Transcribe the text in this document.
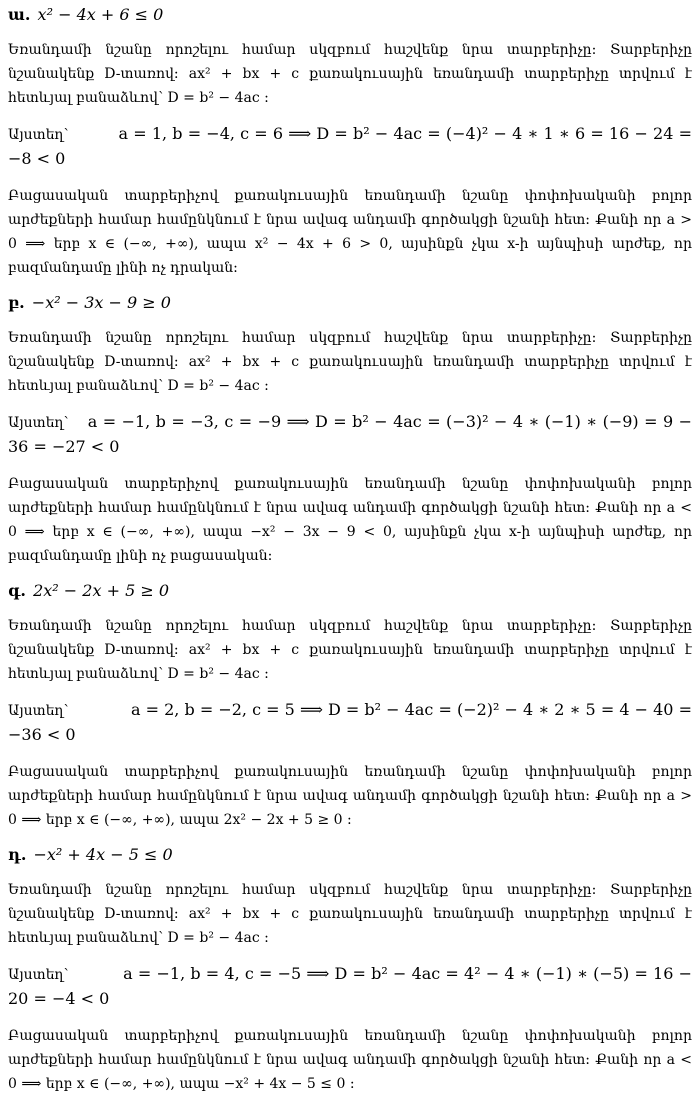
ա. x² − 4x + 6 ≤ 0

Եռանդամի նշանը որոշելու համար սկզբում հաշվենք նրա տարբերիչը: Տարբերիչը նշանակենք D-տառով: ax² + bx + c քառակուսային եռանդամի տարբերիչը տրվում է հետևյալ բանաձևով՝ D = b² − 4ac :

Այստեղ՝	a = 1, b = −4, c = 6 ⟹ D = b² − 4ac = (−4)² − 4 ∗ 1 ∗ 6 = 16 − 24 = −8 < 0

Բացասական տարբերիչով քառակուսային եռանդամի նշանը փոփոխականի բոլոր արժեքների համար համընկնում է նրա ավագ անդամի գործակցի նշանի հետ: Քանի որ a > 0 ⟹ երբ x ∈ (−∞, +∞), ապա x² − 4x + 6 > 0, այսինքն չկա x-ի այնպիսի արժեք, որ բազմանդամը լինի ոչ դրական:

բ. −x² − 3x − 9 ≥ 0

Եռանդամի նշանը որոշելու համար սկզբում հաշվենք նրա տարբերիչը: Տարբերիչը նշանակենք D-տառով: ax² + bx + c քառակուսային եռանդամի տարբերիչը տրվում է հետևյալ բանաձևով՝ D = b² − 4ac :

Այստեղ՝ a = −1, b = −3, c = −9 ⟹ D = b² − 4ac = (−3)² − 4 ∗ (−1) ∗ (−9) = 9 − 36 = −27 < 0

Բացասական տարբերիչով քառակուսային եռանդամի նշանը փոփոխականի բոլոր արժեքների համար համընկնում է նրա ավագ անդամի գործակցի նշանի հետ: Քանի որ a < 0 ⟹ երբ x ∈ (−∞, +∞), ապա −x² − 3x − 9 < 0, այսինքն չկա x-ի այնպիսի արժեք, որ բազմանդամը լինի ոչ բացասական:

գ. 2x² − 2x + 5 ≥ 0

Եռանդամի նշանը որոշելու համար սկզբում հաշվենք նրա տարբերիչը: Տարբերիչը նշանակենք D-տառով: ax² + bx + c քառակուսային եռանդամի տարբերիչը տրվում է հետևյալ բանաձևով՝ D = b² − 4ac :

Այստեղ՝	a = 2, b = −2, c = 5 ⟹ D = b² − 4ac = (−2)² − 4 ∗ 2 ∗ 5 = 4 − 40 = −36 < 0

Բացասական տարբերիչով քառակուսային եռանդամի նշանը փոփոխականի բոլոր արժեքների համար համընկնում է նրա ավագ անդամի գործակցի նշանի հետ: Քանի որ a > 0 ⟹ երբ x ∈ (−∞, +∞), ապա 2x² − 2x + 5 ≥ 0 :

դ. −x² + 4x − 5 ≤ 0

Եռանդամի նշանը որոշելու համար սկզբում հաշվենք նրա տարբերիչը: Տարբերիչը նշանակենք D-տառով: ax² + bx + c քառակուսային եռանդամի տարբերիչը տրվում է հետևյալ բանաձևով՝ D = b² − 4ac :

Այստեղ՝	a = −1, b = 4, c = −5 ⟹ D = b² − 4ac = 4² − 4 ∗ (−1) ∗ (−5) = 16 − 20 = −4 < 0

Բացասական տարբերիչով քառակուսային եռանդամի նշանը փոփոխականի բոլոր արժեքների համար համընկնում է նրա ավագ անդամի գործակցի նշանի հետ: Քանի որ a < 0 ⟹ երբ x ∈ (−∞, +∞), ապա −x² + 4x − 5 ≤ 0 :
